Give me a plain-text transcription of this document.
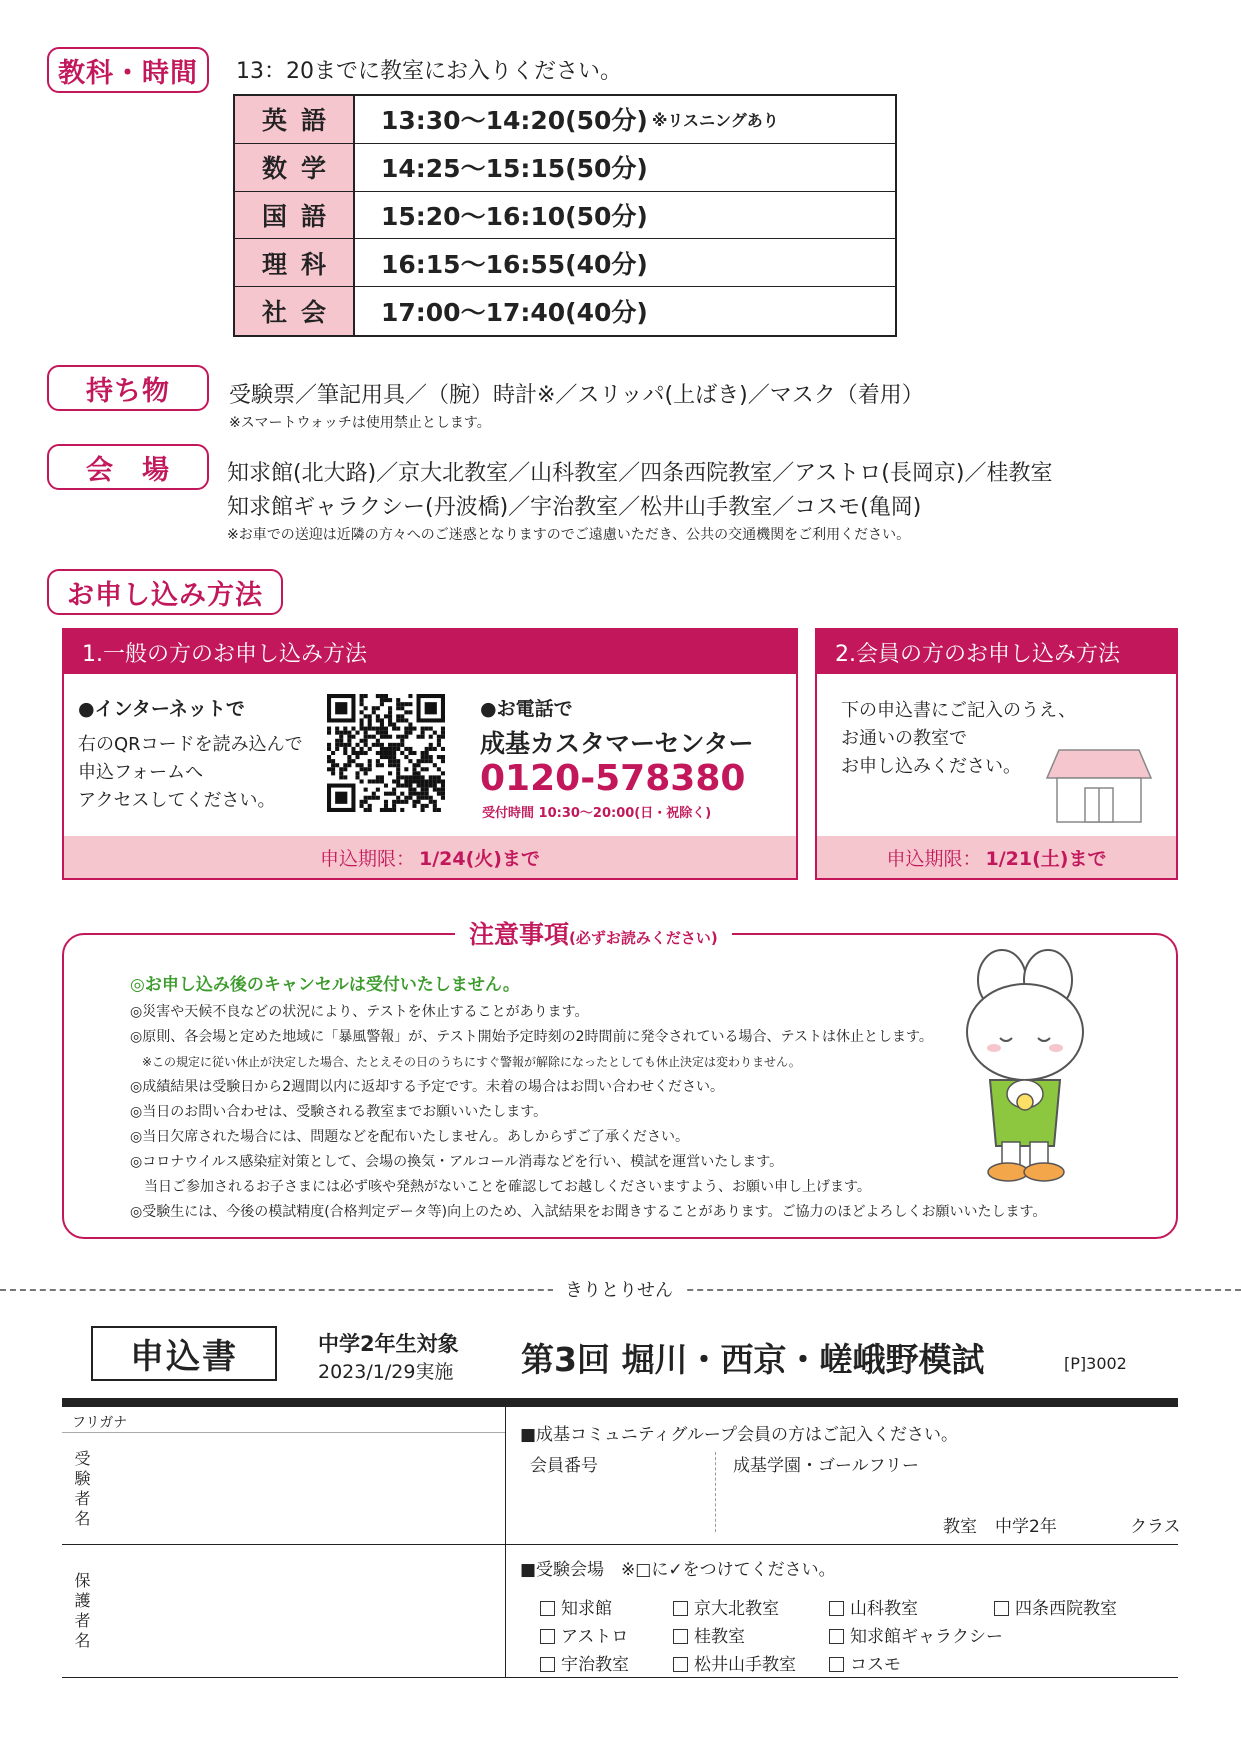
教科・時間	13：20までに教室にお入りください。
英語	13:30～14:20(50分) ※リスニングあり
数学	14:25～15:15(50分)
国語	15:20～16:10(50分)
理科	16:15～16:55(40分)
社会	17:00～17:40(40分)
持ち物	受験票／筆記用具／（腕）時計※／スリッパ(上ばき)／マスク（着用）
※スマートウォッチは使用禁止とします。
会　場	知求館(北大路)／京大北教室／山科教室／四条西院教室／アストロ(長岡京)／桂教室
知求館ギャラクシー(丹波橋)／宇治教室／松井山手教室／コスモ(亀岡)
※お車での送迎は近隣の方々へのご迷惑となりますのでご遠慮いただき、公共の交通機関をご利用ください。
お申し込み方法
1.一般の方のお申し込み方法
●インターネットで
右のQRコードを読み込んで
申込フォームへ
アクセスしてください。
●お電話で
成基カスタマーセンター
0120-578380
受付時間 10:30～20:00(日・祝除く)
申込期限： 1/24(火)まで
2.会員の方のお申し込み方法
下の申込書にご記入のうえ、
お通いの教室で
お申し込みください。
申込期限： 1/21(土)まで
注意事項(必ずお読みください)
◎お申し込み後のキャンセルは受付いたしません。
◎災害や天候不良などの状況により、テストを休止することがあります。
◎原則、各会場と定めた地域に「暴風警報」が、テスト開始予定時刻の2時間前に発令されている場合、テストは休止とします。
　※この規定に従い休止が決定した場合、たとえその日のうちにすぐ警報が解除になったとしても休止決定は変わりません。
◎成績結果は受験日から2週間以内に返却する予定です。未着の場合はお問い合わせください。
◎当日のお問い合わせは、受験される教室までお願いいたします。
◎当日欠席された場合には、問題などを配布いたしません。あしからずご了承ください。
◎コロナウイルス感染症対策として、会場の換気・アルコール消毒などを行い、模試を運営いたします。
　当日ご参加されるお子さまには必ず咳や発熱がないことを確認してお越しくださいますよう、お願い申し上げます。
◎受験生には、今後の模試精度(合格判定データ等)向上のため、入試結果をお聞きすることがあります。ご協力のほどよろしくお願いいたします。
きりとりせん
申込書	中学2年生対象
2023/1/29実施 第3回 堀川・西京・嵯峨野模試	[P]3002
フリガナ
受験者名
保護者名
■成基コミュニティグループ会員の方はご記入ください。
会員番号	成基学園・ゴールフリー
教室 中学2年	クラス
■受験会場　※□に✓をつけてください。
知求館	京大北教室	山科教室	四条西院教室
アストロ	桂教室	知求館ギャラクシー
宇治教室	松井山手教室	コスモ
